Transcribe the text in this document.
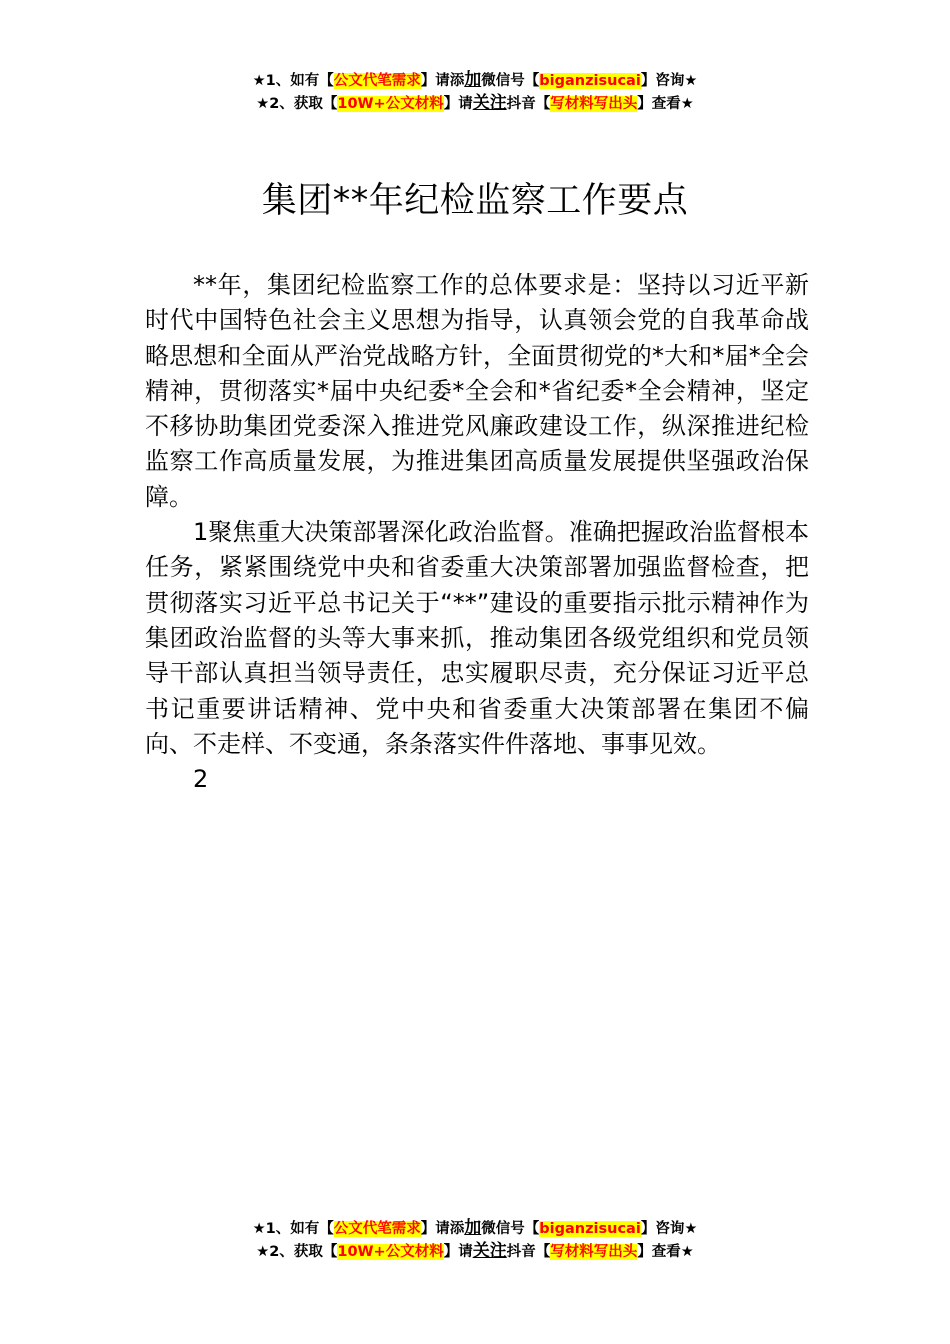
★1、如有【公文代笔需求】请添加微信号【biganzisucai】咨询★
★2、获取【10W+公文材料】请关注抖音【写材料写出头】查看★
集团**年纪检监察工作要点

**年，集团纪检监察工作的总体要求是：坚持以习近平新时代中国特色社会主义思想为指导，认真领会党的自我革命战略思想和全面从严治党战略方针，全面贯彻党的*大和*届*全会精神，贯彻落实*届中央纪委*全会和*省纪委*全会精神，坚定不移协助集团党委深入推进党风廉政建设工作，纵深推进纪检监察工作高质量发展，为推进集团高质量发展提供坚强政治保障。

1聚焦重大决策部署深化政治监督。准确把握政治监督根本任务，紧紧围绕党中央和省委重大决策部署加强监督检查，把贯彻落实习近平总书记关于“**”建设的重要指示批示精神作为集团政治监督的头等大事来抓，推动集团各级党组织和党员领导干部认真担当领导责任，忠实履职尽责，充分保证习近平总书记重要讲话精神、党中央和省委重大决策部署在集团不偏向、不走样、不变通，条条落实件件落地、事事见效。

2

★1、如有【公文代笔需求】请添加微信号【biganzisucai】咨询★
★2、获取【10W+公文材料】请关注抖音【写材料写出头】查看★
